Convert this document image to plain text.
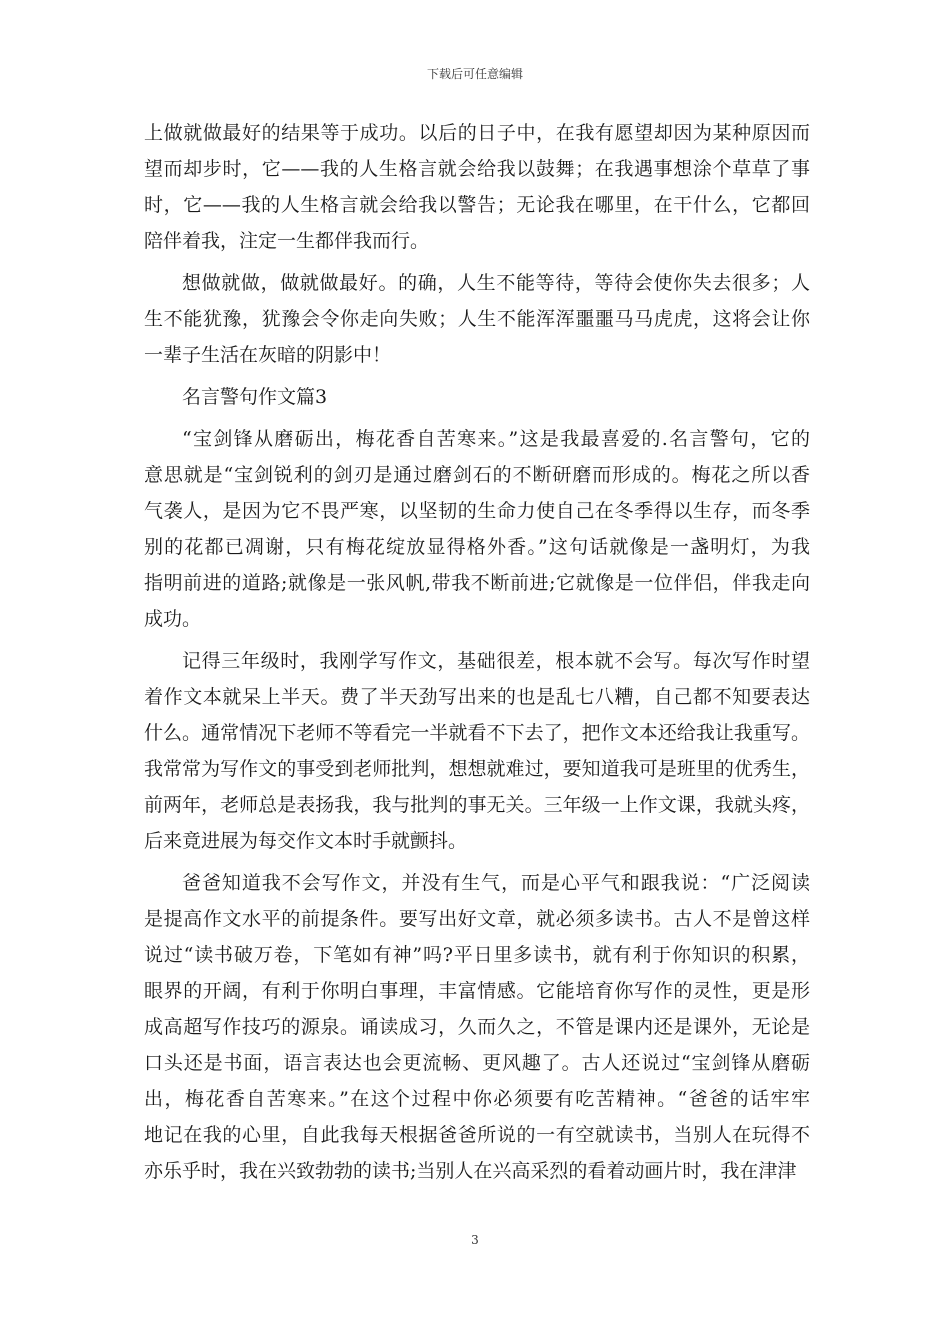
下载后可任意编辑
上做就做最好的结果等于成功。以后的日子中，在我有愿望却因为某种原因而
望而却步时，它——我的人生格言就会给我以鼓舞；在我遇事想涂个草草了事
时，它——我的人生格言就会给我以警告；无论我在哪里，在干什么，它都回
陪伴着我，注定一生都伴我而行。
想做就做，做就做最好。的确，人生不能等待，等待会使你失去很多；人
生不能犹豫，犹豫会令你走向失败；人生不能浑浑噩噩马马虎虎，这将会让你
一辈子生活在灰暗的阴影中！
名言警句作文篇3
“宝剑锋从磨砺出，梅花香自苦寒来。”这是我最喜爱的.名言警句，它的
意思就是“宝剑锐利的剑刃是通过磨剑石的不断研磨而形成的。梅花之所以香
气袭人，是因为它不畏严寒，以坚韧的生命力使自己在冬季得以生存，而冬季
别的花都已凋谢，只有梅花绽放显得格外香。”这句话就像是一盏明灯，为我
指明前进的道路;就像是一张风帆,带我不断前进;它就像是一位伴侣，伴我走向
成功。
记得三年级时，我刚学写作文，基础很差，根本就不会写。每次写作时望
着作文本就呆上半天。费了半天劲写出来的也是乱七八糟，自己都不知要表达
什么。通常情况下老师不等看完一半就看不下去了，把作文本还给我让我重写。
我常常为写作文的事受到老师批判，想想就难过，要知道我可是班里的优秀生，
前两年，老师总是表扬我，我与批判的事无关。三年级一上作文课，我就头疼，
后来竟进展为每交作文本时手就颤抖。
爸爸知道我不会写作文，并没有生气，而是心平气和跟我说：“广泛阅读
是提高作文水平的前提条件。要写出好文章，就必须多读书。古人不是曾这样
说过“读书破万卷，下笔如有神”吗?平日里多读书，就有利于你知识的积累，
眼界的开阔，有利于你明白事理，丰富情感。它能培育你写作的灵性，更是形
成高超写作技巧的源泉。诵读成习，久而久之，不管是课内还是课外，无论是
口头还是书面，语言表达也会更流畅、更风趣了。古人还说过“宝剑锋从磨砺
出，梅花香自苦寒来。”在这个过程中你必须要有吃苦精神。“爸爸的话牢牢
地记在我的心里，自此我每天根据爸爸所说的一有空就读书，当别人在玩得不
亦乐乎时，我在兴致勃勃的读书;当别人在兴高采烈的看着动画片时，我在津津
3
